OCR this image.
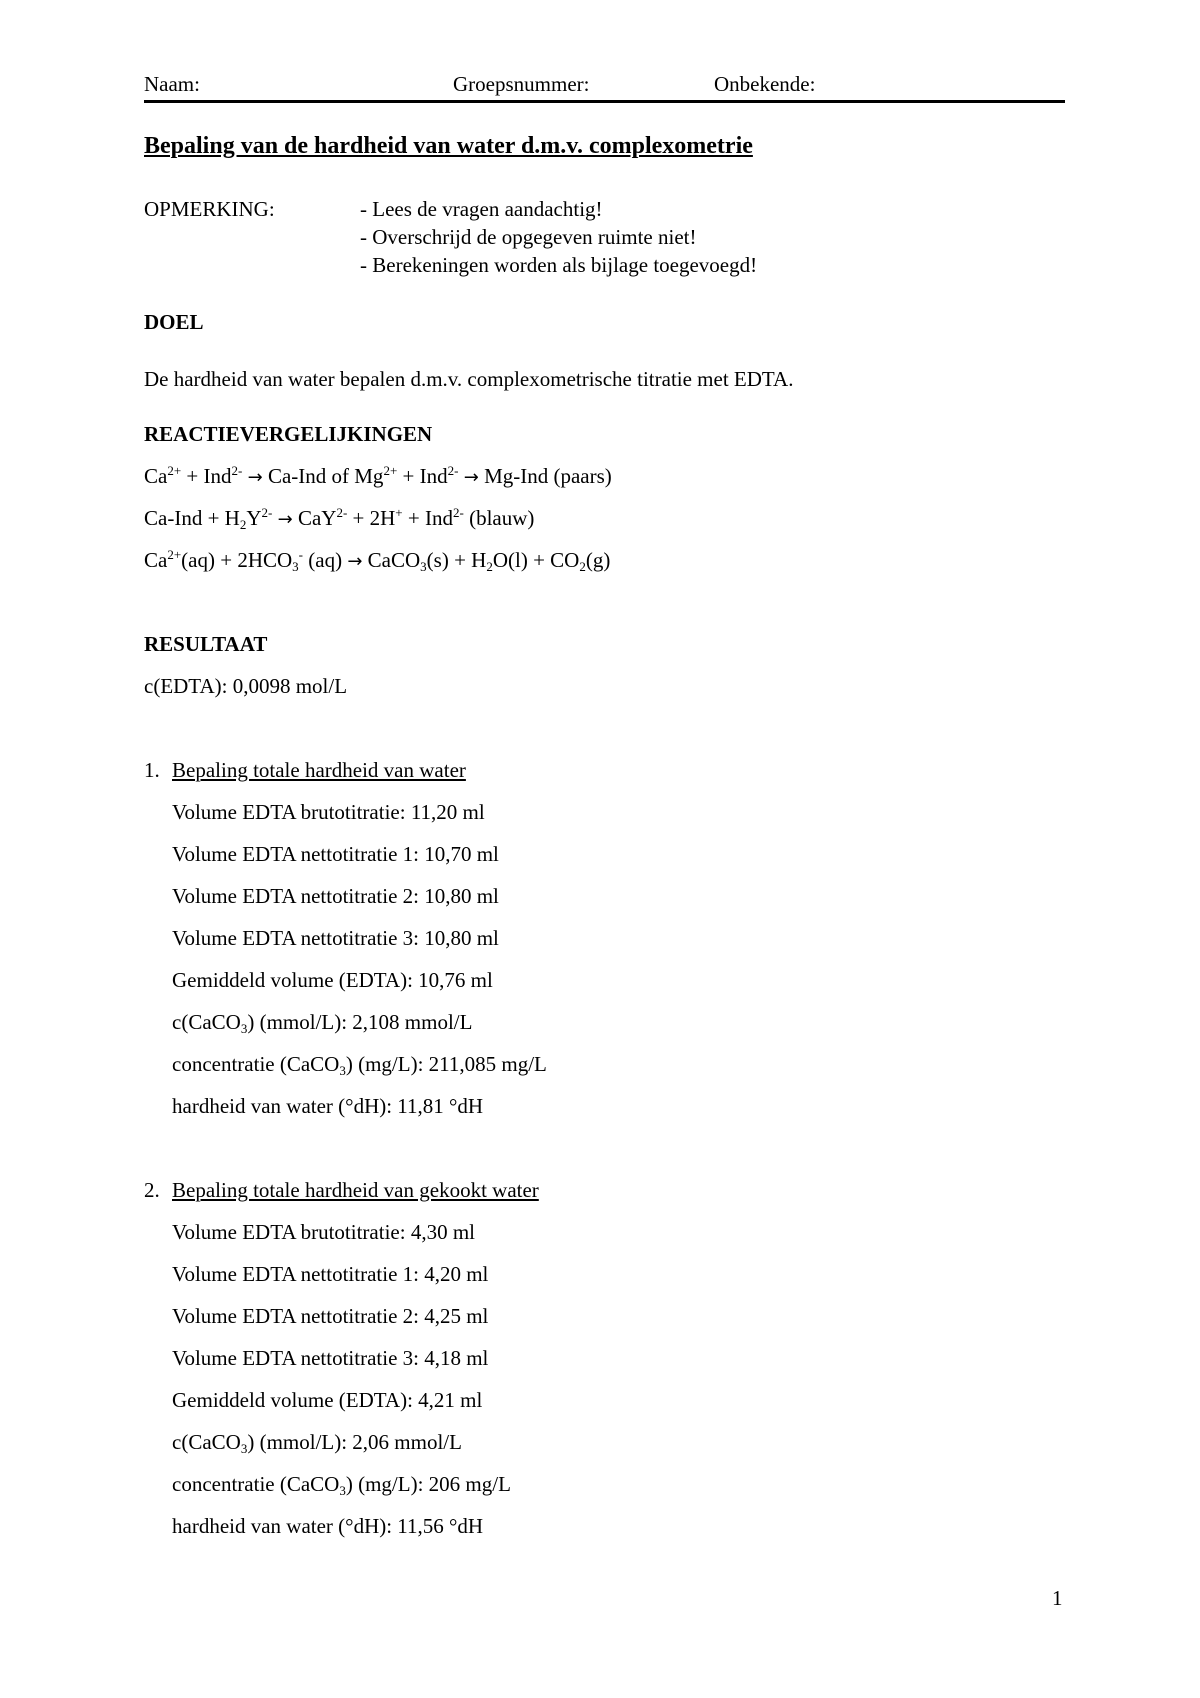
Naam:	Groepsnummer:	Onbekende:
Bepaling van de hardheid van water d.m.v. complexometrie
OPMERKING:	- Lees de vragen aandachtig!
- Overschrijd de opgegeven ruimte niet!
- Berekeningen worden als bijlage toegevoegd!
DOEL
De hardheid van water bepalen d.m.v. complexometrische titratie met EDTA.
REACTIEVERGELIJKINGEN
$Ca^{2+} + Ind^{2-} \to Ca-Ind$ of $Mg^{2+} + Ind^{2-} \to Mg-Ind$ (paars)
$Ca-Ind + H_2Y^{2-} \to CaY^{2-} + 2H^+ + Ind^{2-}$ (blauw)
$Ca^{2+}(aq) + 2HCO_3^-$ (aq) → CaCO$_3$(s) + $H_2O(l) + CO_2(g)$
RESULTAAT
c(EDTA): 0,0098 mol/L
1. Bepaling totale hardheid van water
Volume EDTA brutotitratie: 11,20 ml
Volume EDTA nettotitratie 1: 10,70 ml
Volume EDTA nettotitratie 2: 10,80 ml
Volume EDTA nettotitratie 3: 10,80 ml
Gemiddeld volume (EDTA): 10,76 ml
c(CaCO$_3$) (mmol/L): 2,108 mmol/L
concentratie (CaCO$_3$) (mg/L): 211,085 mg/L
hardheid van water (°dH): 11,81 °dH
2. Bepaling totale hardheid van gekookt water
Volume EDTA brutotitratie: 4,30 ml
Volume EDTA nettotitratie 1: 4,20 ml
Volume EDTA nettotitratie 2: 4,25 ml
Volume EDTA nettotitratie 3: 4,18 ml
Gemiddeld volume (EDTA): 4,21 ml
c(CaCO$_3$) (mmol/L): 2,06 mmol/L
concentratie (CaCO$_3$) (mg/L): 206 mg/L
hardheid van water (°dH): 11,56 °dH
1
